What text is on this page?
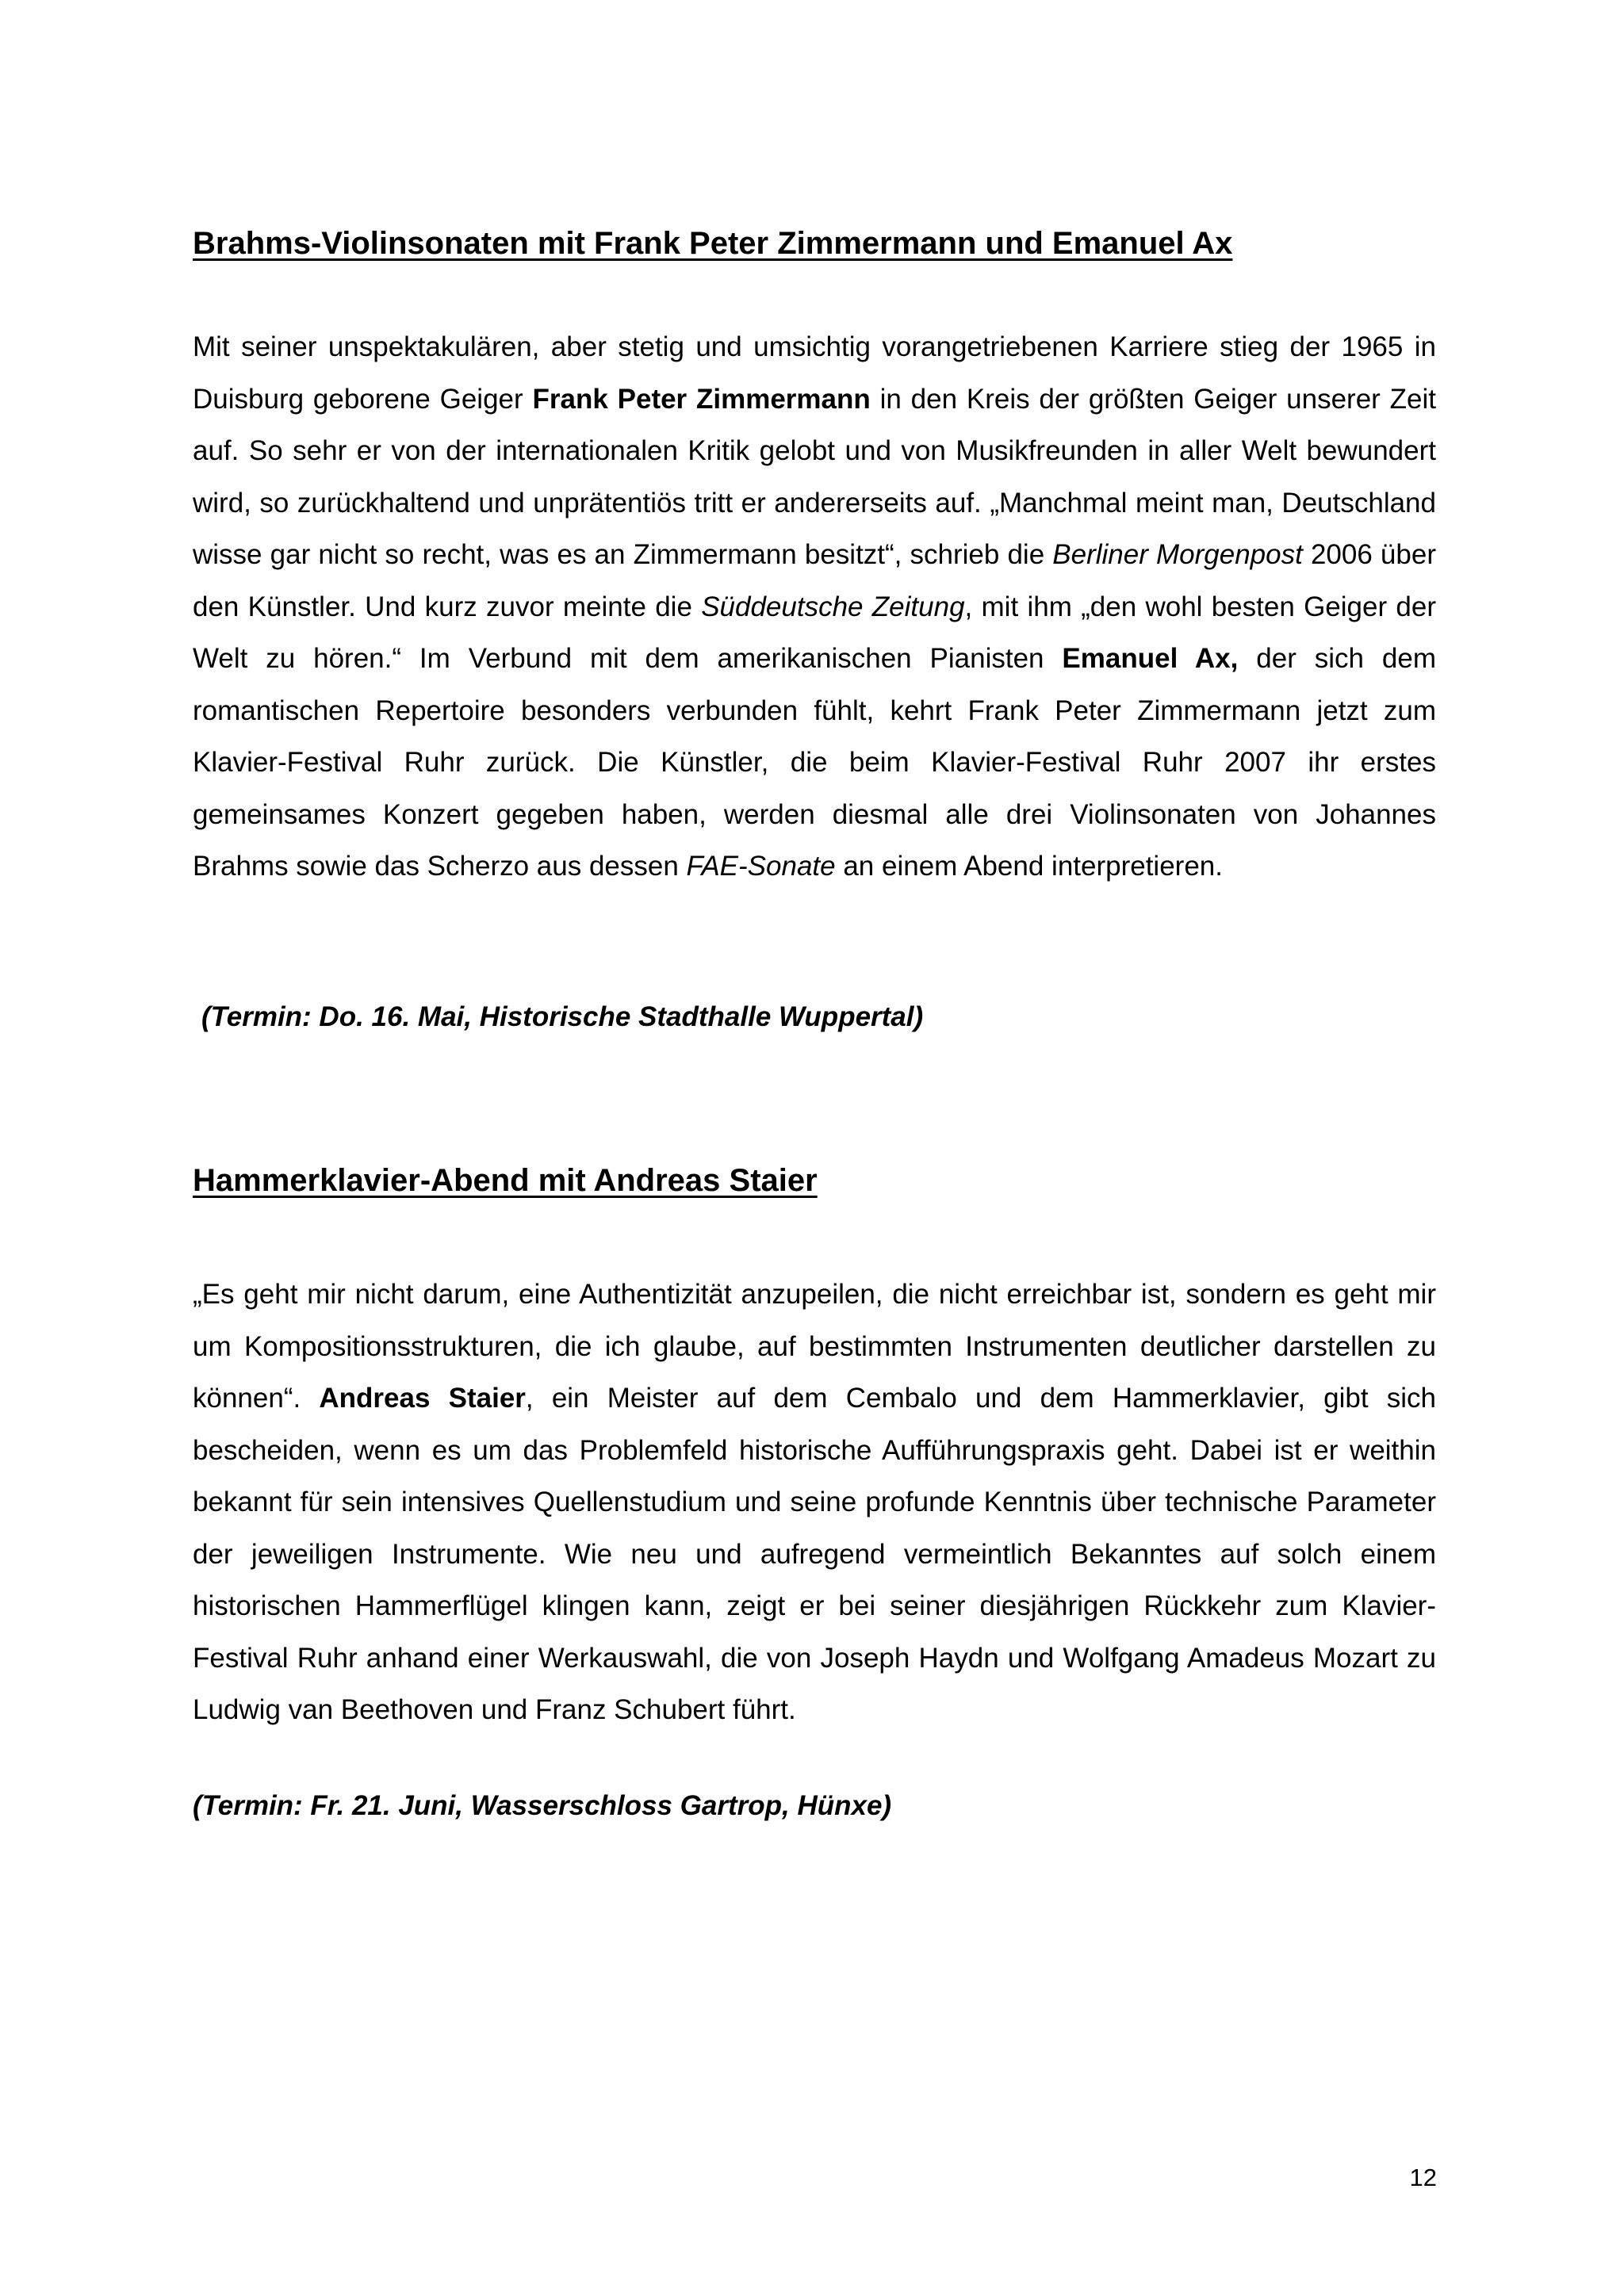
Brahms-Violinsonaten mit Frank Peter Zimmermann und Emanuel Ax

Mit seiner unspektakulären, aber stetig und umsichtig vorangetriebenen Karriere stieg der 1965 in Duisburg geborene Geiger Frank Peter Zimmermann in den Kreis der größten Geiger unserer Zeit auf. So sehr er von der internationalen Kritik gelobt und von Musikfreunden in aller Welt bewundert wird, so zurückhaltend und unprätentiös tritt er andererseits auf. „Manchmal meint man, Deutschland wisse gar nicht so recht, was es an Zimmermann besitzt“, schrieb die Berliner Morgenpost 2006 über den Künstler. Und kurz zuvor meinte die Süddeutsche Zeitung, mit ihm „den wohl besten Geiger der Welt zu hören.“ Im Verbund mit dem amerikanischen Pianisten Emanuel Ax, der sich dem romantischen Repertoire besonders verbunden fühlt, kehrt Frank Peter Zimmermann jetzt zum Klavier-Festival Ruhr zurück. Die Künstler, die beim Klavier-Festival Ruhr 2007 ihr erstes gemeinsames Konzert gegeben haben, werden diesmal alle drei Violinsonaten von Johannes Brahms sowie das Scherzo aus dessen FAE-Sonate an einem Abend interpretieren.

(Termin: Do. 16. Mai, Historische Stadthalle Wuppertal)

Hammerklavier-Abend mit Andreas Staier

„Es geht mir nicht darum, eine Authentizität anzupeilen, die nicht erreichbar ist, sondern es geht mir um Kompositionsstrukturen, die ich glaube, auf bestimmten Instrumenten deutlicher darstellen zu können“. Andreas Staier, ein Meister auf dem Cembalo und dem Hammerklavier, gibt sich bescheiden, wenn es um das Problemfeld historische Aufführungspraxis geht. Dabei ist er weithin bekannt für sein intensives Quellenstudium und seine profunde Kenntnis über technische Parameter der jeweiligen Instrumente. Wie neu und aufregend vermeintlich Bekanntes auf solch einem historischen Hammerflügel klingen kann, zeigt er bei seiner diesjährigen Rückkehr zum Klavier-Festival Ruhr anhand einer Werkauswahl, die von Joseph Haydn und Wolfgang Amadeus Mozart zu Ludwig van Beethoven und Franz Schubert führt.

(Termin: Fr. 21. Juni, Wasserschloss Gartrop, Hünxe)

12
